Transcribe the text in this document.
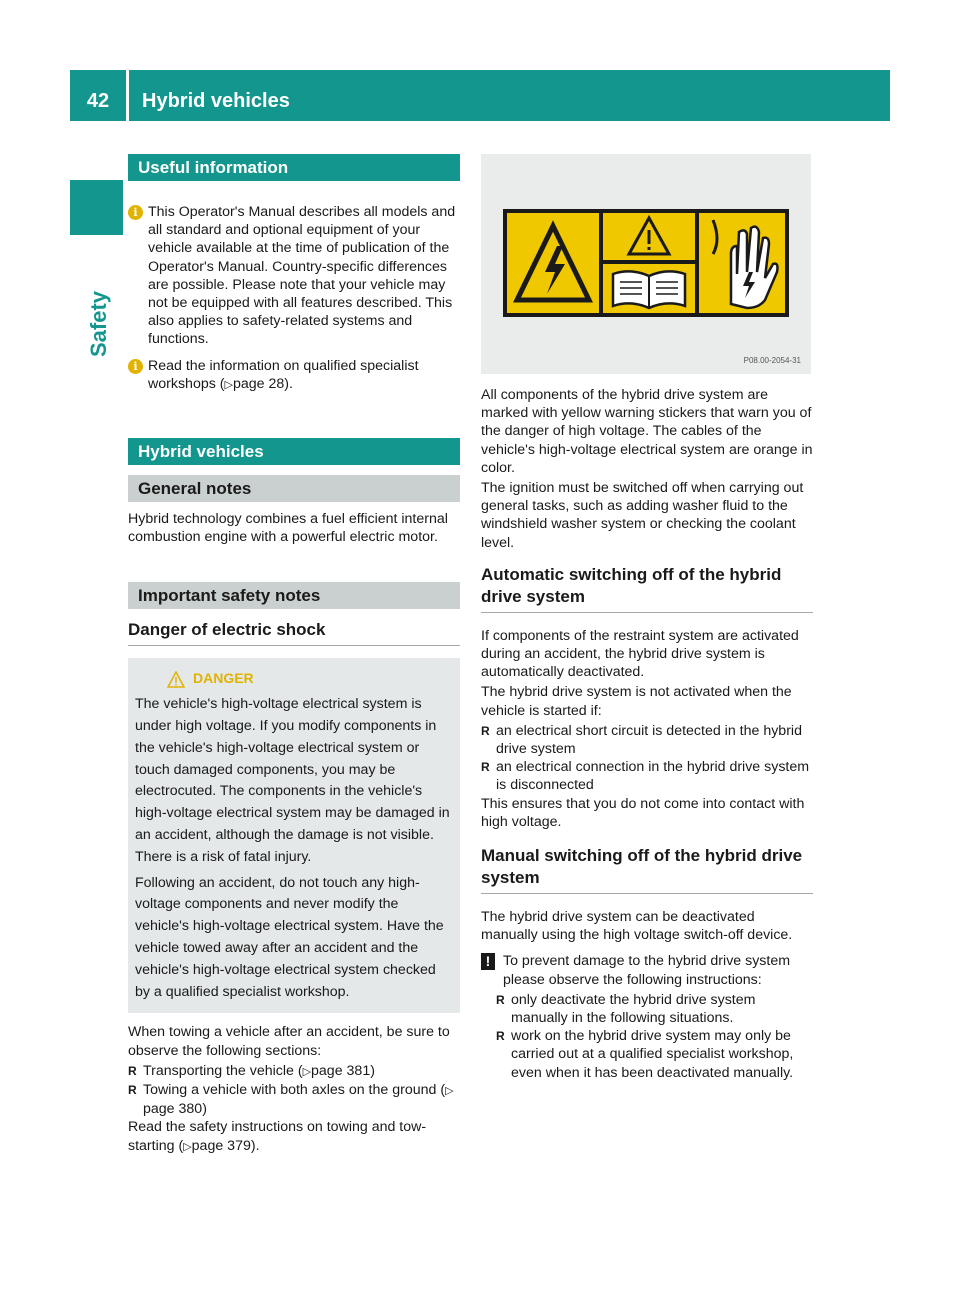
42	Hybrid vehicles
Safety
Useful information
i This Operator's Manual describes all models and all standard and optional equipment of your vehicle available at the time of publication of the Operator's Manual. Country-specific differences are possible. Please note that your vehicle may not be equipped with all features described. This also applies to safety-related systems and functions.

i Read the information on qualified specialist workshops (▷page 28).

Hybrid vehicles
General notes

Hybrid technology combines a fuel efficient internal combustion engine with a powerful electric motor.

Important safety notes
Danger of electric shock
DANGER

The vehicle's high-voltage electrical system is under high voltage. If you modify components in the vehicle's high-voltage electrical system or touch damaged components, you may be electrocuted. The components in the vehicle's high-voltage electrical system may be damaged in an accident, although the damage is not visible. There is a risk of fatal injury.

Following an accident, do not touch any high-voltage components and never modify the vehicle's high-voltage electrical system. Have the vehicle towed away after an accident and the vehicle's high-voltage electrical system checked by a qualified specialist workshop.

When towing a vehicle after an accident, be sure to observe the following sections:

R Transporting the vehicle (▷page 381)
R Towing a vehicle with both axles on the ground (▷page 380)

Read the safety instructions on towing and tow-starting (▷page 379).

P08.00-2054-31

All components of the hybrid drive system are marked with yellow warning stickers that warn you of the danger of high voltage. The cables of the vehicle's high-voltage electrical system are orange in color.

The ignition must be switched off when carrying out general tasks, such as adding washer fluid to the windshield washer system or checking the coolant level.

Automatic switching off of the hybrid drive system

If components of the restraint system are activated during an accident, the hybrid drive system is automatically deactivated.

The hybrid drive system is not activated when the vehicle is started if:

R an electrical short circuit is detected in the hybrid drive system
R an electrical connection in the hybrid drive system is disconnected

This ensures that you do not come into contact with high voltage.

Manual switching off of the hybrid drive system

The hybrid drive system can be deactivated manually using the high voltage switch-off device.

! To prevent damage to the hybrid drive system please observe the following instructions:

R only deactivate the hybrid drive system manually in the following situations.
R work on the hybrid drive system may only be carried out at a qualified specialist workshop, even when it has been deactivated manually.
